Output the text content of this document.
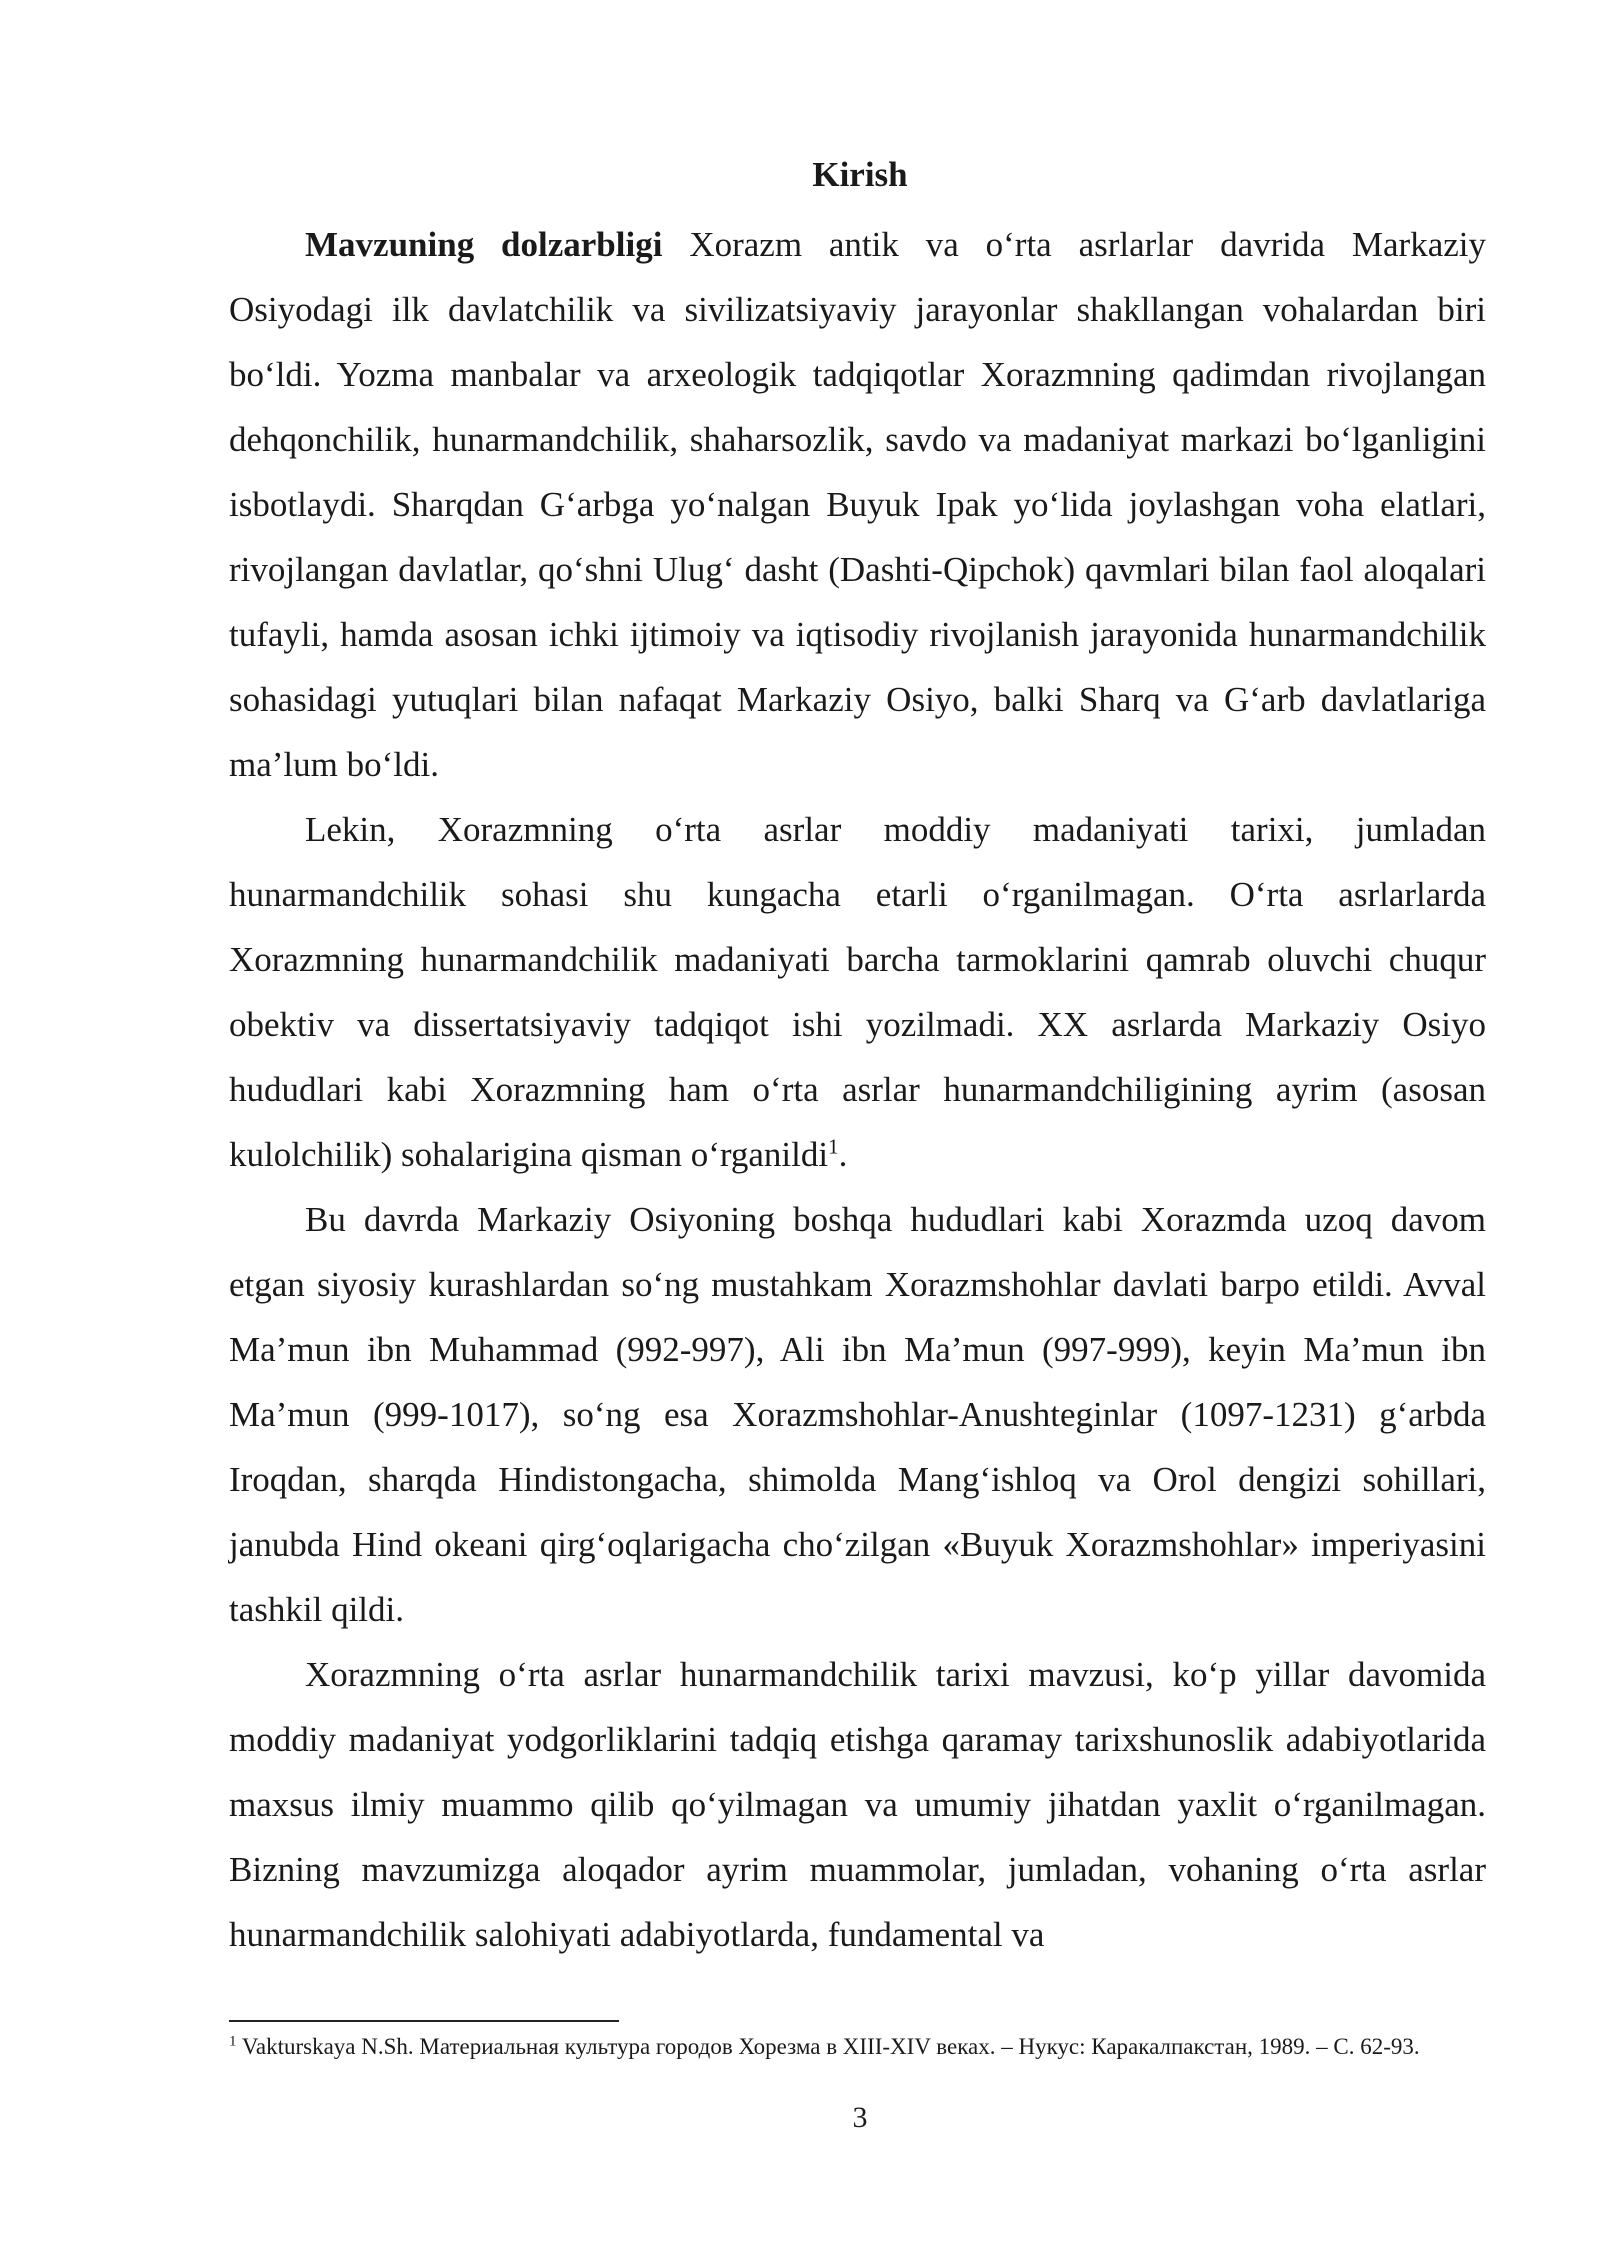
Kirish

Mavzuning dolzarbligi Xorazm antik va o‘rta asrlarlar davrida Markaziy Osiyodagi ilk davlatchilik va sivilizatsiyaviy jarayonlar shakllangan vohalardan biri bo‘ldi. Yozma manbalar va arxeologik tadqiqotlar Xorazmning qadimdan rivojlangan dehqonchilik, hunarmandchilik, shaharsozlik, savdo va madaniyat markazi bo‘lganligini isbotlaydi. Sharqdan G‘arbga yo‘nalgan Buyuk Ipak yo‘lida joylashgan voha elatlari, rivojlangan davlatlar, qo‘shni Ulug‘ dasht (Dashti-Qipchok) qavmlari bilan faol aloqalari tufayli, hamda asosan ichki ijtimoiy va iqtisodiy rivojlanish jarayonida hunarmandchilik sohasidagi yutuqlari bilan nafaqat Markaziy Osiyo, balki Sharq va G‘arb davlatlariga ma’lum bo‘ldi.

Lekin, Xorazmning o‘rta asrlar moddiy madaniyati tarixi, jumladan hunarmandchilik sohasi shu kungacha etarli o‘rganilmagan. O‘rta asrlarlarda Xorazmning hunarmandchilik madaniyati barcha tarmoklarini qamrab oluvchi chuqur obektiv va dissertatsiyaviy tadqiqot ishi yozilmadi. XX asrlarda Markaziy Osiyo hududlari kabi Xorazmning ham o‘rta asrlar hunarmandchiligining ayrim (asosan kulolchilik) sohalariginа qisman o‘rganildi$^1$.

Bu davrda Markaziy Osiyoning boshqa hududlari kabi Xorazmda uzoq davom etgan siyosiy kurashlardan so‘ng mustahkam Xorazmshohlar davlati barpo etildi. Avval Ma’mun ibn Muhammad (992-997), Ali ibn Ma’mun (997-999), keyin Ma’mun ibn Ma’mun (999-1017), so‘ng esa Xorazmshohlar-Anushteginlar (1097-1231) g‘arbda Iroqdan, sharqda Hindistongacha, shimolda Mang‘ishloq va Orol dengizi sohillari, janubda Hind okeani qirg‘oqlarigacha cho‘zilgan «Buyuk Xorazmshohlar» imperiyasini tashkil qildi.

Xorazmning o‘rta asrlar hunarmandchilik tarixi mavzusi, ko‘p yillar davomida moddiy madaniyat yodgorliklarini tadqiq etishga qaramay tarixshunoslik adabiyotlarida maxsus ilmiy muammo qilib qo‘yilmagan va umumiy jihatdan yaxlit o‘rganilmagan. Bizning mavzumizga aloqador ayrim muammolar, jumladan, vohaning o‘rta asrlar hunarmandchilik salohiyati adabiyotlarda, fundamental va

$^1$ Vakturskaya N.Sh. Материальная культура городов Хорезма в XIII-XIV веках. – Нукус: Каракалпакстан, 1989. – С. 62-93.

3
